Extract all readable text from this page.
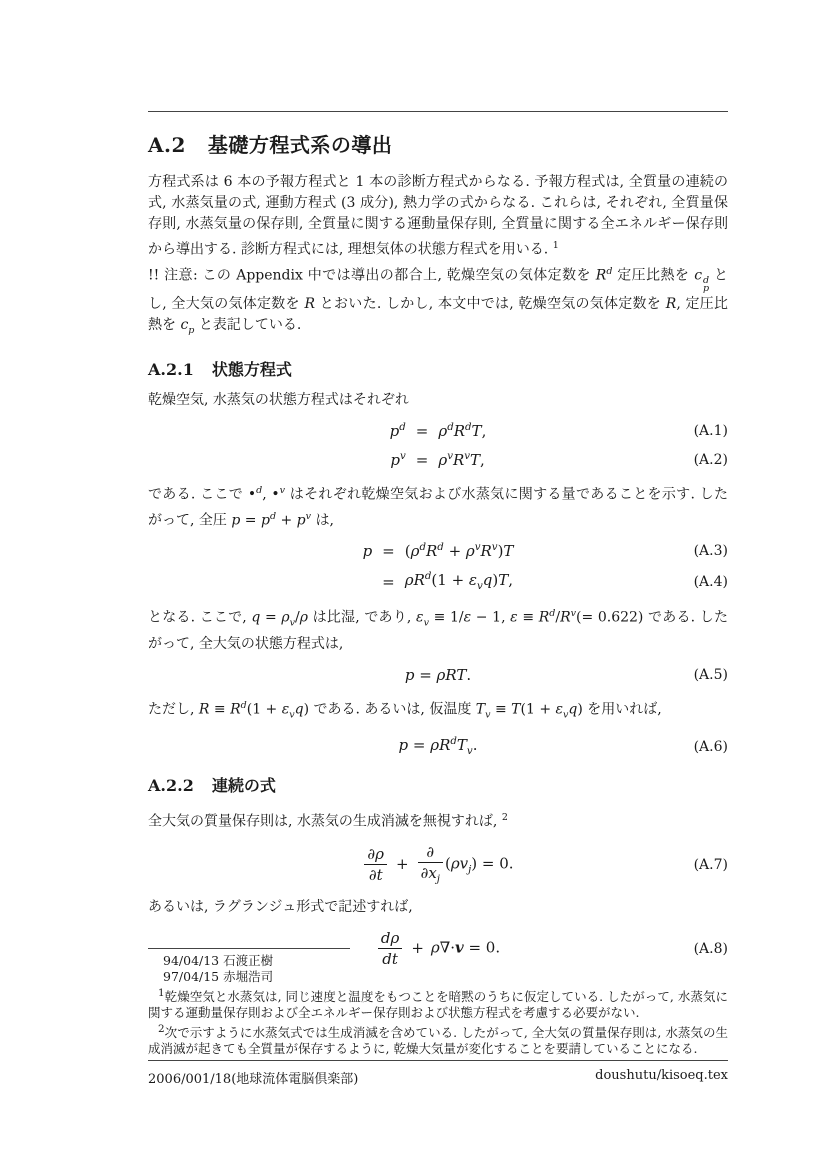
A.2 基礎方程式系の導出

方程式系は 6 本の予報方程式と 1 本の診断方程式からなる. 予報方程式は, 全質量の連続の式, 水蒸気量の式, 運動方程式 (3 成分), 熱力学の式からなる. これらは, それぞれ, 全質量保存則, 水蒸気量の保存則, 全質量に関する運動量保存則, 全質量に関する全エネルギー保存則から導出する. 診断方程式には, 理想気体の状態方程式を用いる. $^1$

!! 注意: この Appendix 中では導出の都合上, 乾燥空気の気体定数を $R^d$ 定圧比熱を c d
p
とし, 全大気の気体定数を R とおいた. しかし, 本文中では, 乾燥空気の気体定数を R, 定圧比熱を $c_p$ と表記している.

A.2.1 状態方程式

乾燥空気, 水蒸気の状態方程式はそれぞれ

$p^d = \rho^dR^dT$,	(A.1)
$p^v = \rho^vR^vT$,	(A.2)

である. ここで •$^d$, •$^v$ はそれぞれ乾燥空気および水蒸気に関する量であることを示す. したがって, 全圧 $p = p^d + p^v$ は,

$p = (\rho^dR^d + \rho^vR^v)T$	(A.3)
= $\rho R^d(1 + \varepsilon_vq)T$,	(A.4)

となる. ここで, $q = \rho_v/\rho$ は比湿, であり, $\varepsilon_v \equiv 1/\varepsilon - 1$, $\varepsilon \equiv R^d/R^v(= 0.622)$ である. したがって, 全大気の状態方程式は,

p = ρRT.	(A.5)

ただし, $R \equiv R^d(1 + \varepsilon_vq)$ である. あるいは, 仮温度 $T_v \equiv T(1 + \varepsilon_vq)$ を用いれば,

$p = \rho R^dT_v$.	(A.6)
A.2.2 連続の式

全大気の質量保存則は, 水蒸気の生成消滅を無視すれば, $^2$

$\frac{\partial\rho}{\partial t} + \frac{\partial}{\partial x_j} (\rho v_j) = 0$.	(A.7)

あるいは, ラグランジュ形式で記述すれば,

$\frac{d\rho}{dt} + \rho\nabla\cdot v = 0$.	(A.8)
94/04/13 石渡正樹
97/04/15 赤堀浩司

$^1$乾燥空気と水蒸気は, 同じ速度と温度をもつことを暗黙のうちに仮定している. したがって, 水蒸気に関する運動量保存則および全エネルギー保存則および状態方程式を考慮する必要がない.

$^2$次で示すように水蒸気式では生成消滅を含めている. したがって, 全大気の質量保存則は, 水蒸気の生成消滅が起きても全質量が保存するように, 乾燥大気量が変化することを要請していることになる.

2006/001/18(地球流体電脳倶楽部)	doushutu/kisoeq.tex
